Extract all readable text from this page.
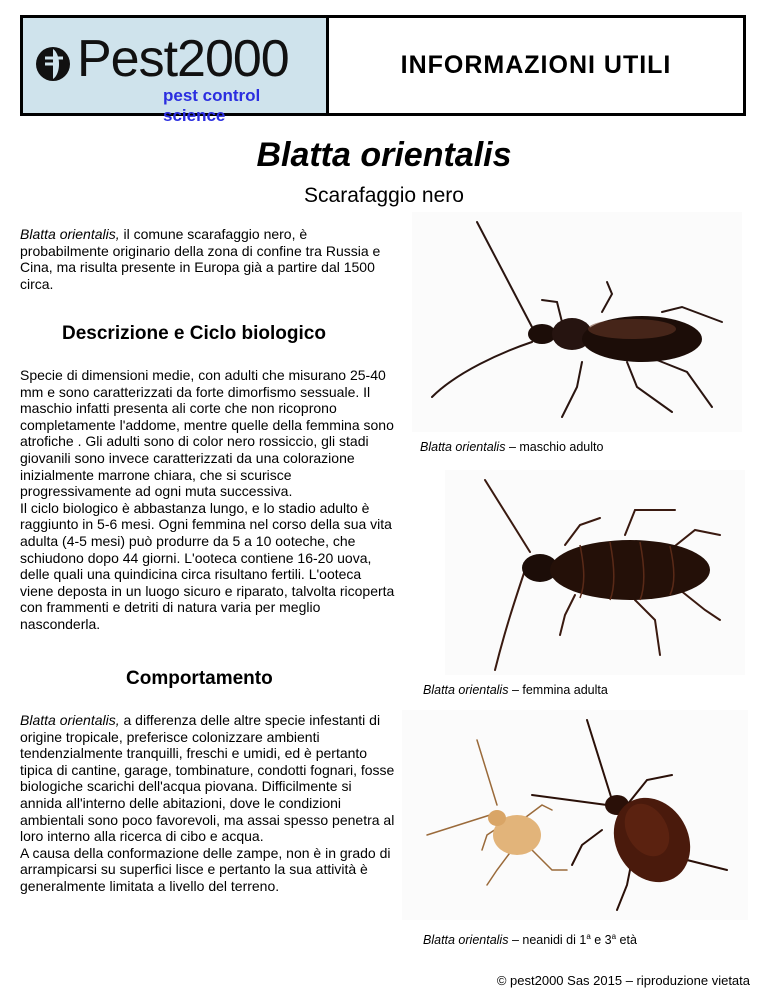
Pest2000
pest control science
INFORMAZIONI UTILI
Blatta orientalis
Scarafaggio nero

Blatta orientalis, il comune scarafaggio nero, è probabilmente originario della zona di confine tra Russia e Cina, ma risulta presente in Europa già a partire dal 1500 circa.

Descrizione e Ciclo biologico

Specie di dimensioni medie, con adulti che misurano 25-40 mm e sono caratterizzati da forte dimorfismo sessuale. Il maschio infatti presenta ali corte che non ricoprono completamente l'addome, mentre quelle della femmina sono atrofiche . Gli adulti sono di color nero rossiccio, gli stadi giovanili sono invece caratterizzati da una colorazione inizialmente marrone chiara, che si scurisce progressivamente ad ogni muta successiva.

Il ciclo biologico è abbastanza lungo, e lo stadio adulto è raggiunto in 5-6 mesi. Ogni femmina nel corso della sua vita adulta (4-5 mesi) può produrre da 5 a 10 ooteche, che schiudono dopo 44 giorni. L'ooteca contiene 16-20 uova, delle quali una quindicina circa risultano fertili. L'ooteca viene deposta in un luogo sicuro e riparato, talvolta ricoperta con frammenti e detriti di natura varia per meglio nasconderla.

Comportamento

Blatta orientalis, a differenza delle altre specie infestanti di origine tropicale, preferisce colonizzare ambienti tendenzialmente tranquilli, freschi e umidi, ed è pertanto tipica di cantine, garage, tombinature, condotti fognari, fosse biologiche scarichi dell'acqua piovana. Difficilmente si annida all'interno delle abitazioni, dove le condizioni ambientali sono poco favorevoli, ma assai spesso penetra al loro interno alla ricerca di cibo e acqua.

A causa della conformazione delle zampe, non è in grado di arrampicarsi su superfici lisce e pertanto la sua attività è generalmente limitata a livello del terreno.

Blatta orientalis – maschio adulto
Blatta orientalis – femmina adulta
Blatta orientalis – neanidi di 1$^a$ e 3$^a$ età
© pest2000 Sas 2015 – riproduzione vietata
